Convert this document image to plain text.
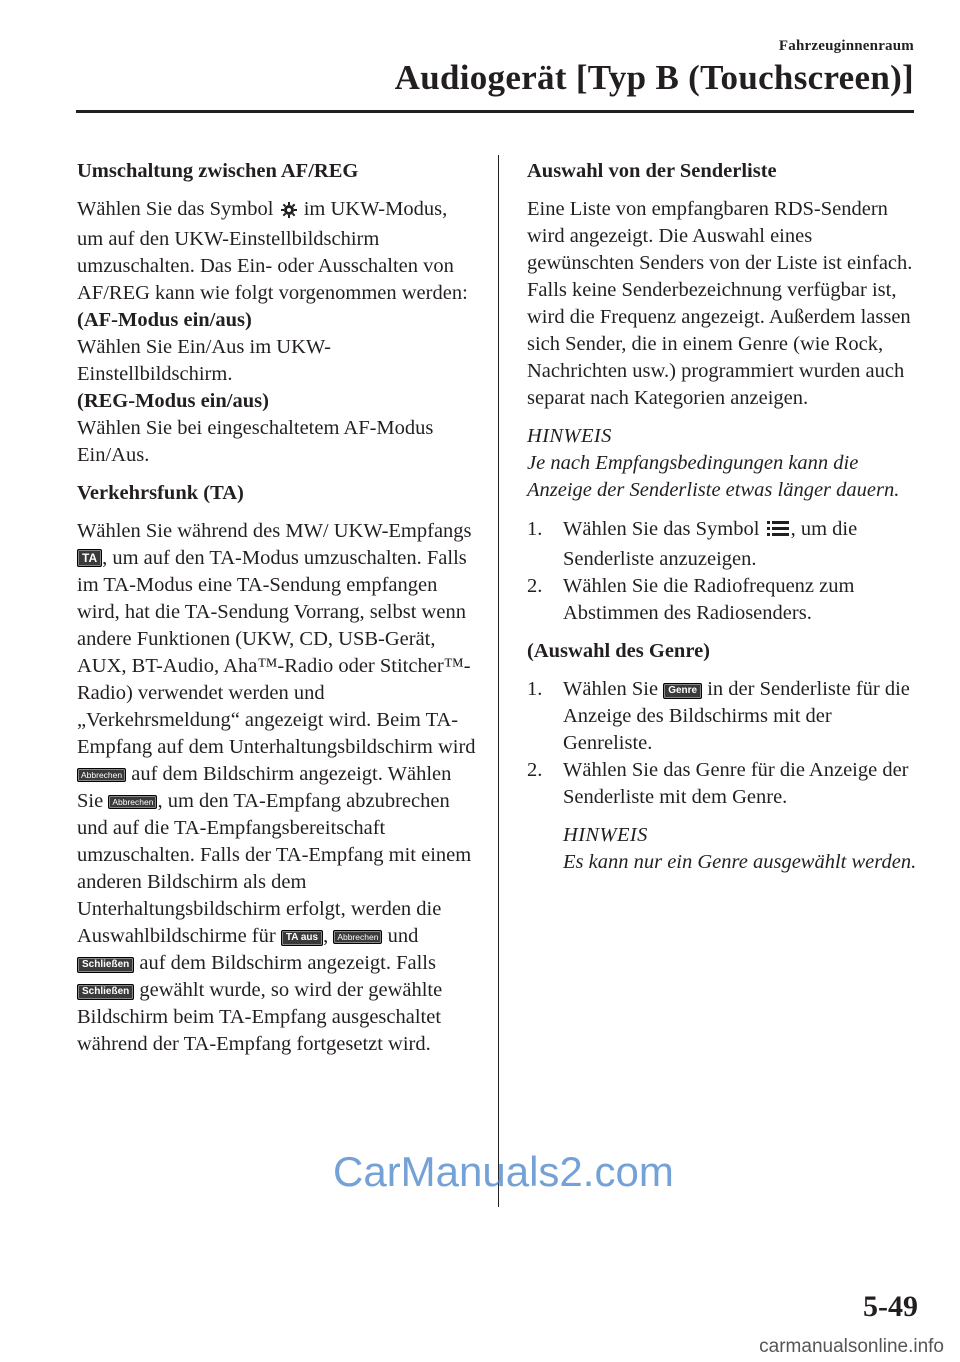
Fahrzeuginnenraum
Audiogerät [Typ B (Touchscreen)]
Umschaltung zwischen AF/REG

Wählen Sie das Symbol im UKW-Modus, um auf den UKW-Einstellbildschirm umzuschalten. Das Ein- oder Ausschalten von AF/REG kann wie folgt vorgenommen werden:
(AF-Modus ein/aus)
Wählen Sie Ein/Aus im UKW-Einstellbildschirm.
(REG-Modus ein/aus)
Wählen Sie bei eingeschaltetem AF-Modus Ein/Aus.

Verkehrsfunk (TA)

Wählen Sie während des MW/ UKW-Empfangs TA , um auf den TA-Modus umzuschalten. Falls im TA-Modus eine TA-Sendung empfangen wird, hat die TA-Sendung Vorrang, selbst wenn andere Funktionen (UKW, CD, USB-Gerät, AUX, BT-Audio, Aha™-Radio oder Stitcher™-Radio) verwendet werden und „Verkehrsmeldung“ angezeigt wird. Beim TA-Empfang auf dem Unterhaltungsbildschirm wird Abbrechen auf dem Bildschirm angezeigt. Wählen Sie Abbrechen , um den TA-Empfang abzubrechen und auf die TA-Empfangsbereitschaft umzuschalten. Falls der TA-Empfang mit einem anderen Bildschirm als dem Unterhaltungsbildschirm erfolgt, werden die Auswahlbildschirme für TA aus , Abbrechen und Schließen auf dem Bildschirm angezeigt. Falls Schließen gewählt wurde, so wird der gewählte Bildschirm beim TA-Empfang ausgeschaltet während der TA-Empfang fortgesetzt wird.

Auswahl von der Senderliste

Eine Liste von empfangbaren RDS-Sendern wird angezeigt. Die Auswahl eines gewünschten Senders von der Liste ist einfach. Falls keine Senderbezeichnung verfügbar ist, wird die Frequenz angezeigt. Außerdem lassen sich Sender, die in einem Genre (wie Rock, Nachrichten usw.) programmiert wurden auch separat nach Kategorien anzeigen.

HINWEIS
Je nach Empfangsbedingungen kann die Anzeige der Senderliste etwas länger dauern.
1. Wählen Sie das Symbol , um die Senderliste anzuzeigen.
2. Wählen Sie die Radiofrequenz zum Abstimmen des Radiosenders.
(Auswahl des Genre)
1. Wählen Sie Genre in der Senderliste für die Anzeige des Bildschirms mit der Genreliste.
2. Wählen Sie das Genre für die Anzeige der Senderliste mit dem Genre.
HINWEIS
Es kann nur ein Genre ausgewählt werden.
CarManuals2.com
5-49
carmanualsonline.info
